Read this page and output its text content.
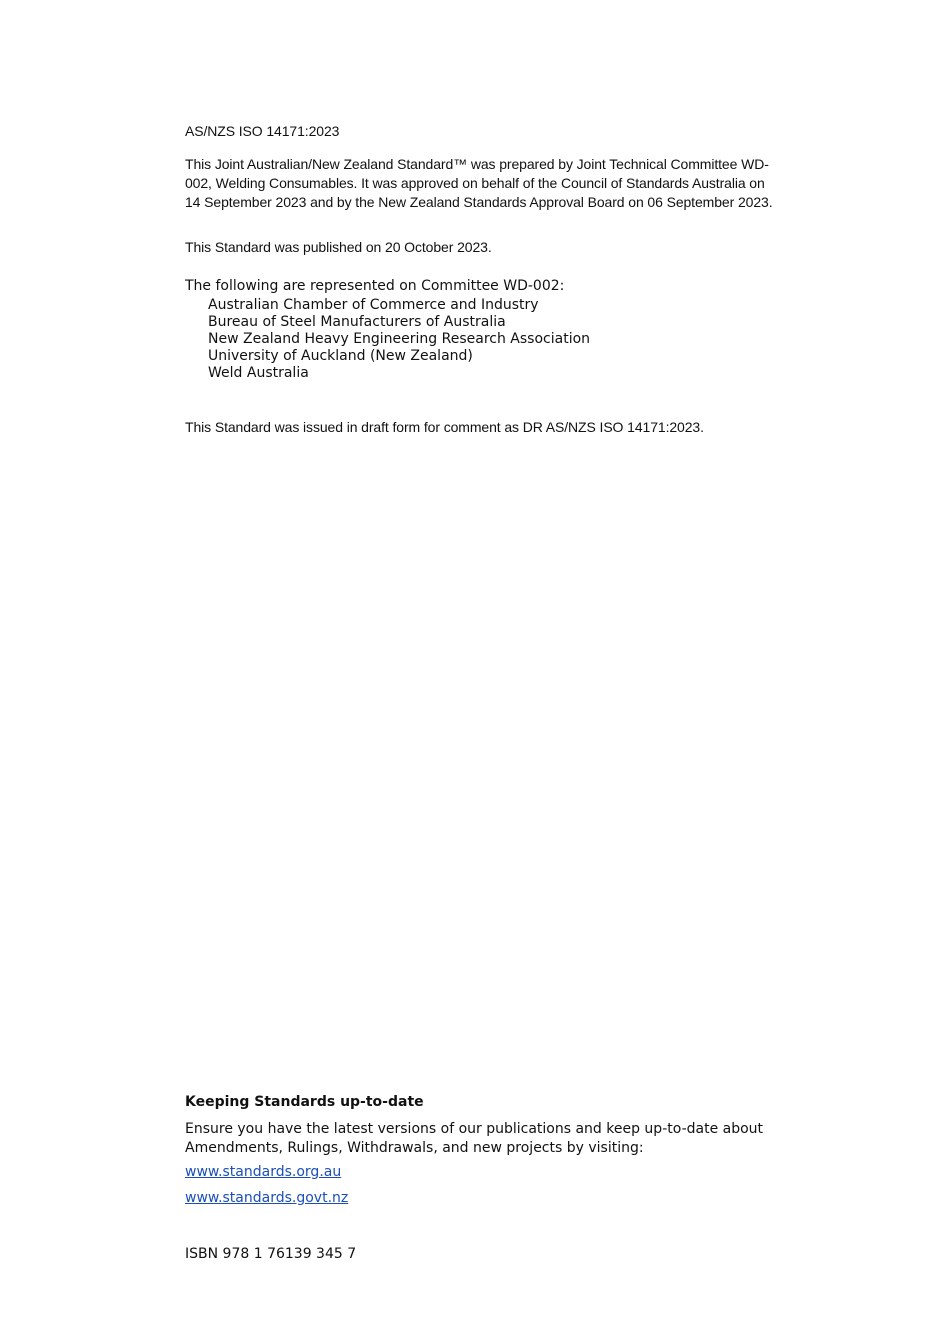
AS/NZS ISO 14171:2023

This Joint Australian/New Zealand Standard™ was prepared by Joint Technical Committee WD-002, Welding Consumables. It was approved on behalf of the Council of Standards Australia on 14 September 2023 and by the New Zealand Standards Approval Board on 06 September 2023.

This Standard was published on 20 October 2023.

The following are represented on Committee WD-002:

Australian Chamber of Commerce and Industry
Bureau of Steel Manufacturers of Australia
New Zealand Heavy Engineering Research Association
University of Auckland (New Zealand)
Weld Australia

This Standard was issued in draft form for comment as DR AS/NZS ISO 14171:2023.

Keeping Standards up-to-date

Ensure you have the latest versions of our publications and keep up-to-date about Amendments, Rulings, Withdrawals, and new projects by visiting:

www.standards.org.au

www.standards.govt.nz

ISBN 978 1 76139 345 7
